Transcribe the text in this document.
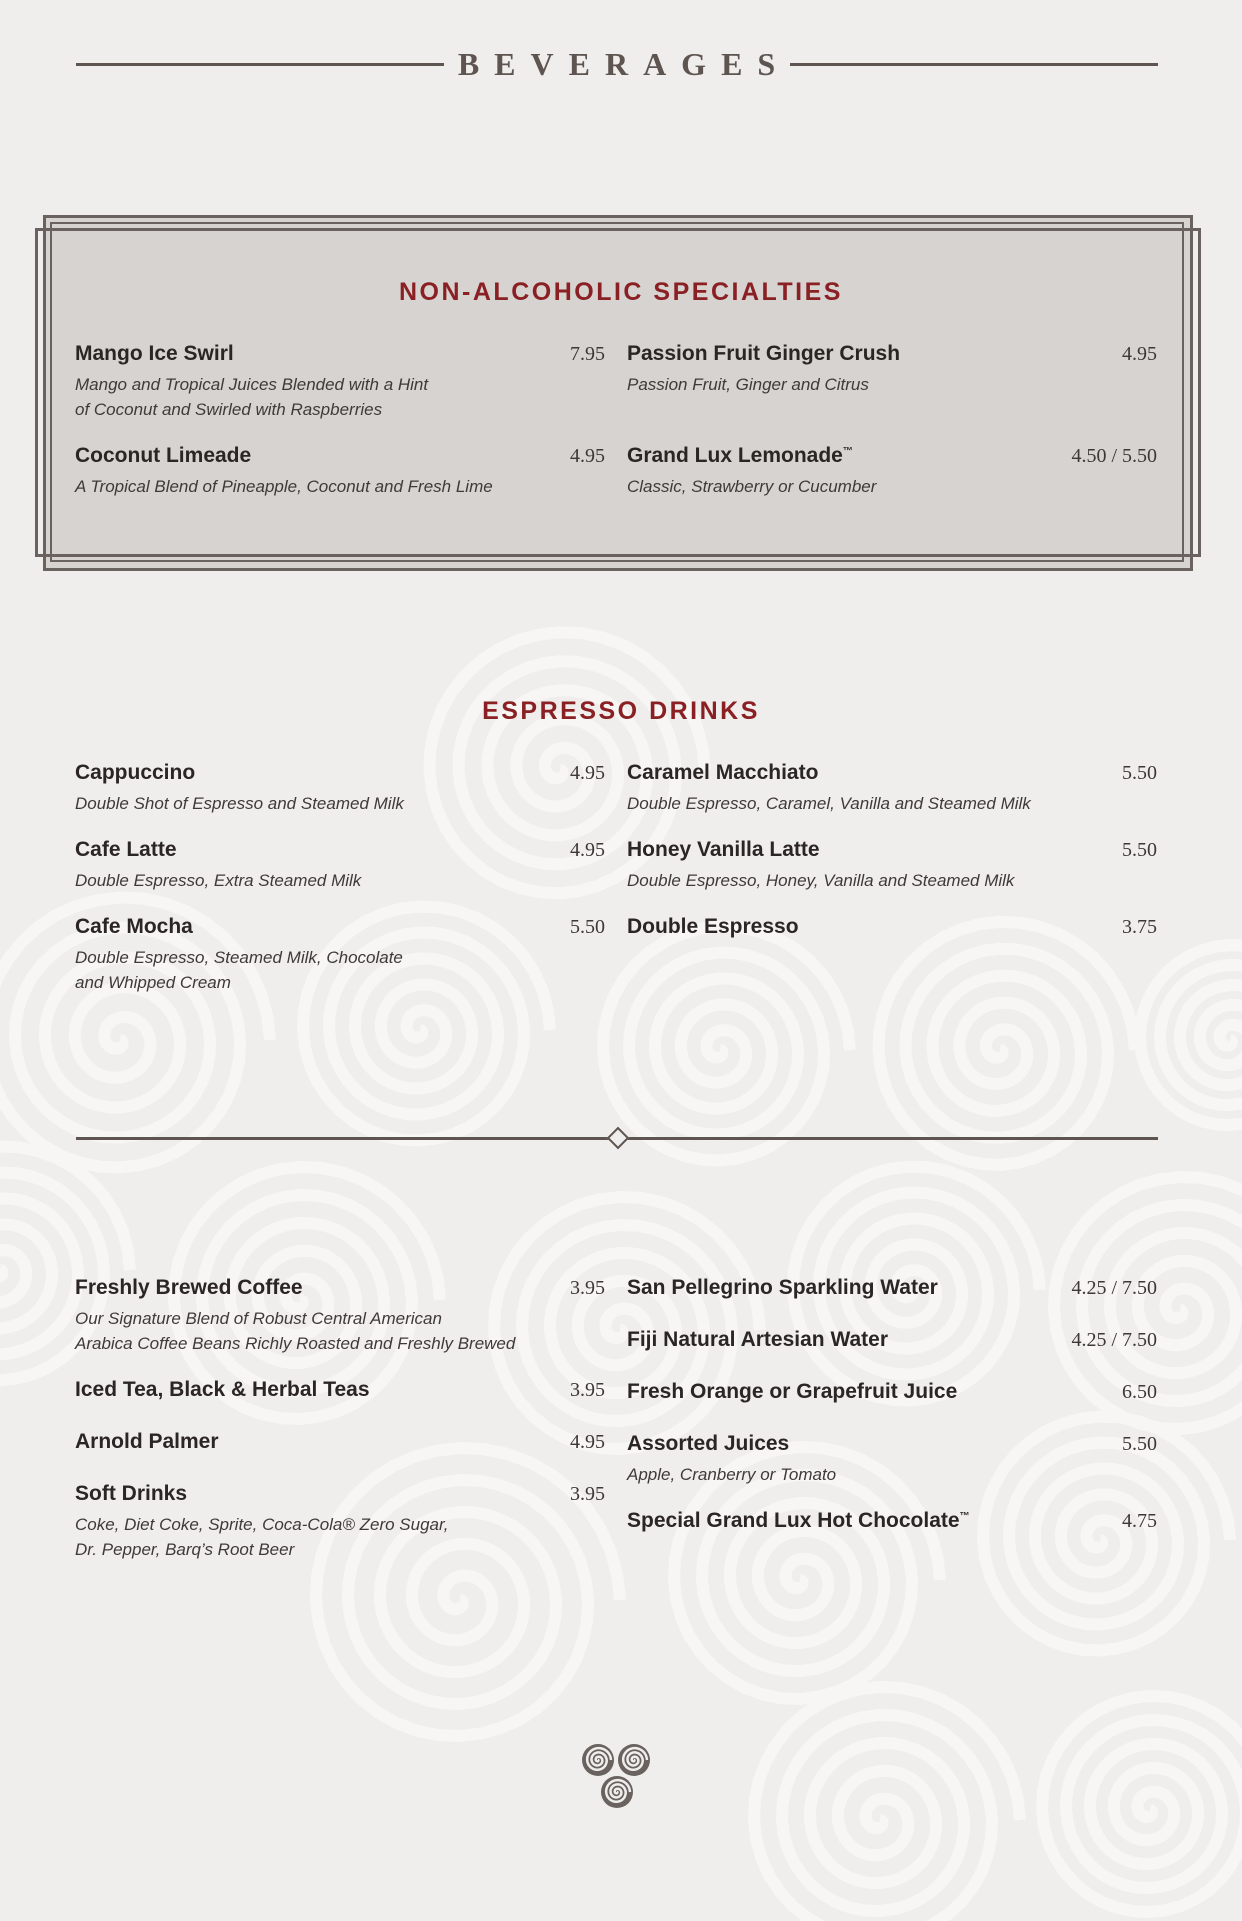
BEVERAGES
NON-ALCOHOLIC SPECIALTIES
Mango Ice Swirl	7.95
Mango and Tropical Juices Blended with a Hint
of Coconut and Swirled with Raspberries
Passion Fruit Ginger Crush	4.95
Passion Fruit, Ginger and Citrus
Coconut Limeade	4.95
A Tropical Blend of Pineapple, Coconut and Fresh Lime
Grand Lux Lemonade™	4.50 / 5.50
Classic, Strawberry or Cucumber
ESPRESSO DRINKS
Cappuccino	4.95
Double Shot of Espresso and Steamed Milk
Caramel Macchiato	5.50
Double Espresso, Caramel, Vanilla and Steamed Milk
Cafe Latte	4.95
Double Espresso, Extra Steamed Milk
Honey Vanilla Latte	5.50
Double Espresso, Honey, Vanilla and Steamed Milk
Cafe Mocha	5.50
Double Espresso, Steamed Milk, Chocolate
and Whipped Cream
Double Espresso	3.75
Freshly Brewed Coffee	3.95
Our Signature Blend of Robust Central American
Arabica Coffee Beans Richly Roasted and Freshly Brewed
Iced Tea, Black & Herbal Teas	3.95
Arnold Palmer	4.95
Soft Drinks	3.95
Coke, Diet Coke, Sprite, Coca-Cola® Zero Sugar,
Dr. Pepper, Barq’s Root Beer
San Pellegrino Sparkling Water	4.25 / 7.50
Fiji Natural Artesian Water	4.25 / 7.50
Fresh Orange or Grapefruit Juice	6.50
Assorted Juices	5.50
Apple, Cranberry or Tomato
Special Grand Lux Hot Chocolate™	4.75
